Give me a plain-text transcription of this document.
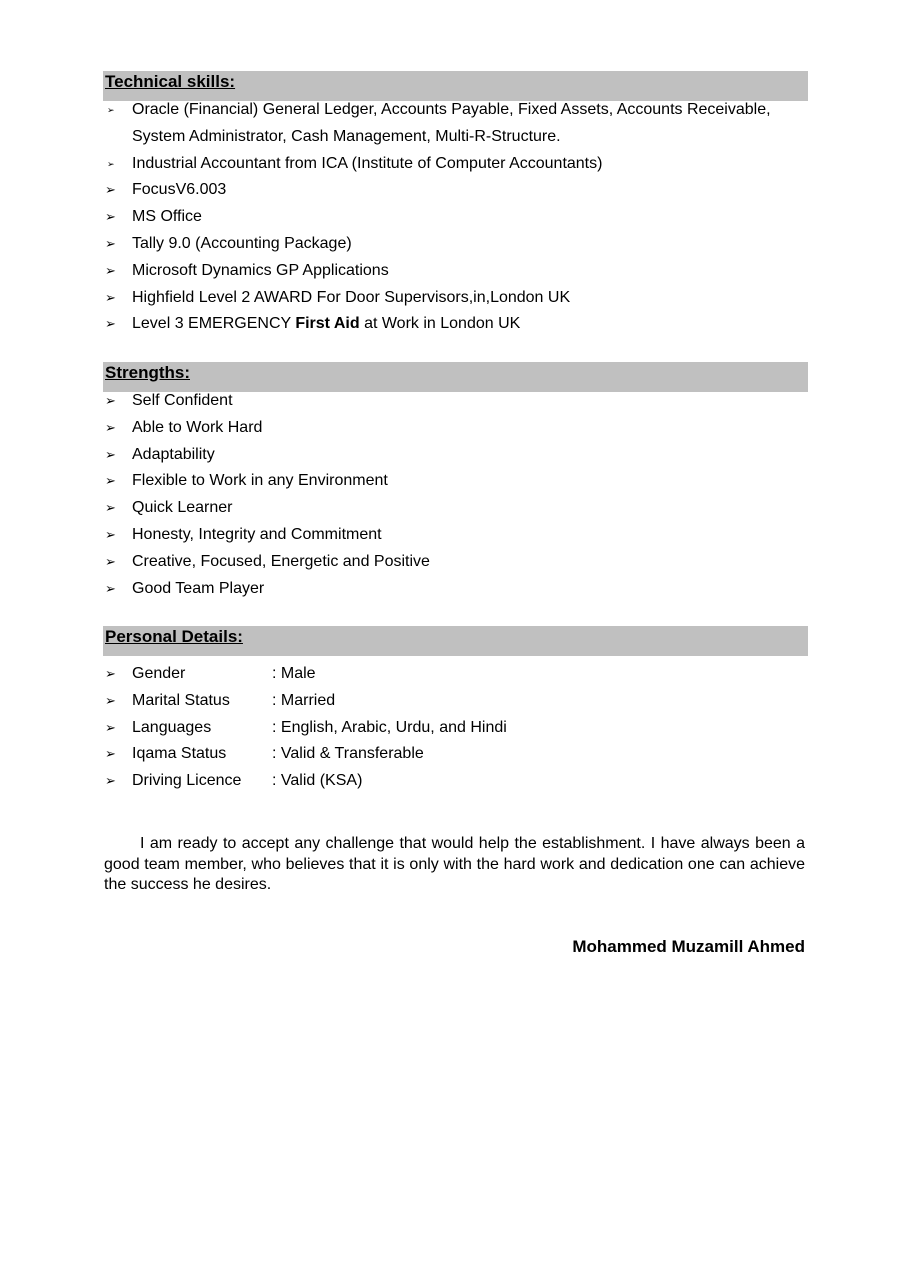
Technical skills:
➢ Oracle (Financial) General Ledger, Accounts Payable, Fixed Assets, Accounts Receivable, System Administrator, Cash Management, Multi-R-Structure.
➢ Industrial Accountant from ICA (Institute of Computer Accountants)
➢ FocusV6.003
➢ MS Office
➢ Tally 9.0 (Accounting Package)
➢ Microsoft Dynamics GP Applications
➢ Highfield Level 2 AWARD For Door Supervisors,in,London UK
➢ Level 3 EMERGENCY First Aid at Work in London UK
Strengths:
➢ Self Confident
➢ Able to Work Hard
➢ Adaptability
➢ Flexible to Work in any Environment
➢ Quick Learner
➢ Honesty, Integrity and Commitment
➢ Creative, Focused, Energetic and Positive
➢ Good Team Player
Personal Details:
➢ Gender	: Male
➢ Marital Status	: Married
➢ Languages	: English, Arabic, Urdu, and Hindi
➢ Iqama Status	: Valid & Transferable
➢ Driving Licence : Valid (KSA)

I am ready to accept any challenge that would help the establishment. I have always been a good team member, who believes that it is only with the hard work and dedication one can achieve the success he desires.

Mohammed Muzamill Ahmed
